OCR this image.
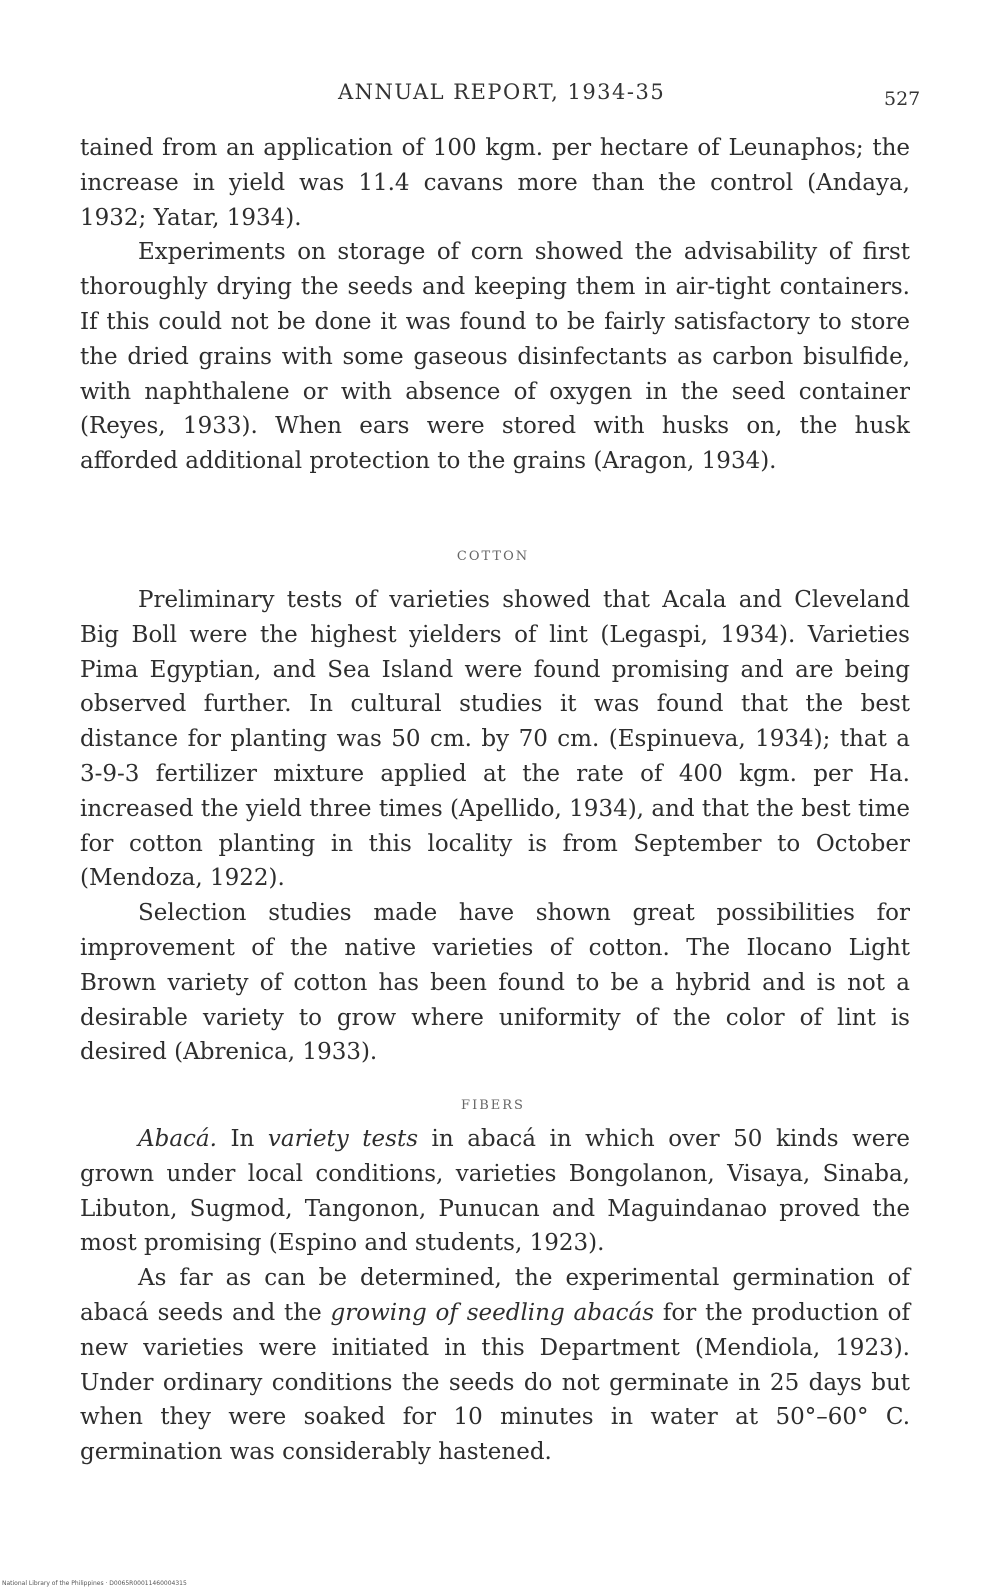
ANNUAL REPORT, 1934-35	527

tained from an application of 100 kgm. per hectare of Leunaphos; the increase in yield was 11.4 cavans more than the control (Andaya, 1932; Yatar, 1934).

Experiments on storage of corn showed the advisability of first thoroughly drying the seeds and keeping them in air-tight containers. If this could not be done it was found to be fairly satisfactory to store the dried grains with some gaseous disinfectants as carbon bisulfide, with naphthalene or with absence of oxygen in the seed container (Reyes, 1933). When ears were stored with husks on, the husk afforded additional protection to the grains (Aragon, 1934).

COTTON

Preliminary tests of varieties showed that Acala and Cleveland Big Boll were the highest yielders of lint (Legaspi, 1934). Varieties Pima Egyptian, and Sea Island were found promising and are being observed further. In cultural studies it was found that the best distance for planting was 50 cm. by 70 cm. (Espinueva, 1934); that a 3-9-3 fertilizer mixture applied at the rate of 400 kgm. per Ha. increased the yield three times (Apellido, 1934), and that the best time for cotton planting in this locality is from September to October (Mendoza, 1922).

Selection studies made have shown great possibilities for improvement of the native varieties of cotton. The Ilocano Light Brown variety of cotton has been found to be a hybrid and is not a desirable variety to grow where uniformity of the color of lint is desired (Abrenica, 1933).

FIBERS

Abacá. In variety tests in abacá in which over 50 kinds were grown under local conditions, varieties Bongolanon, Visaya, Sinaba, Libuton, Sugmod, Tangonon, Punucan and Maguindanao proved the most promising (Espino and students, 1923).

As far as can be determined, the experimental germination of abacá seeds and the growing of seedling abacás for the production of new varieties were initiated in this Department (Mendiola, 1923). Under ordinary conditions the seeds do not germinate in 25 days but when they were soaked for 10 minutes in water at 50°–60° C. germination was considerably hastened.

National Library of the Philippines · D0065R00011460004315
